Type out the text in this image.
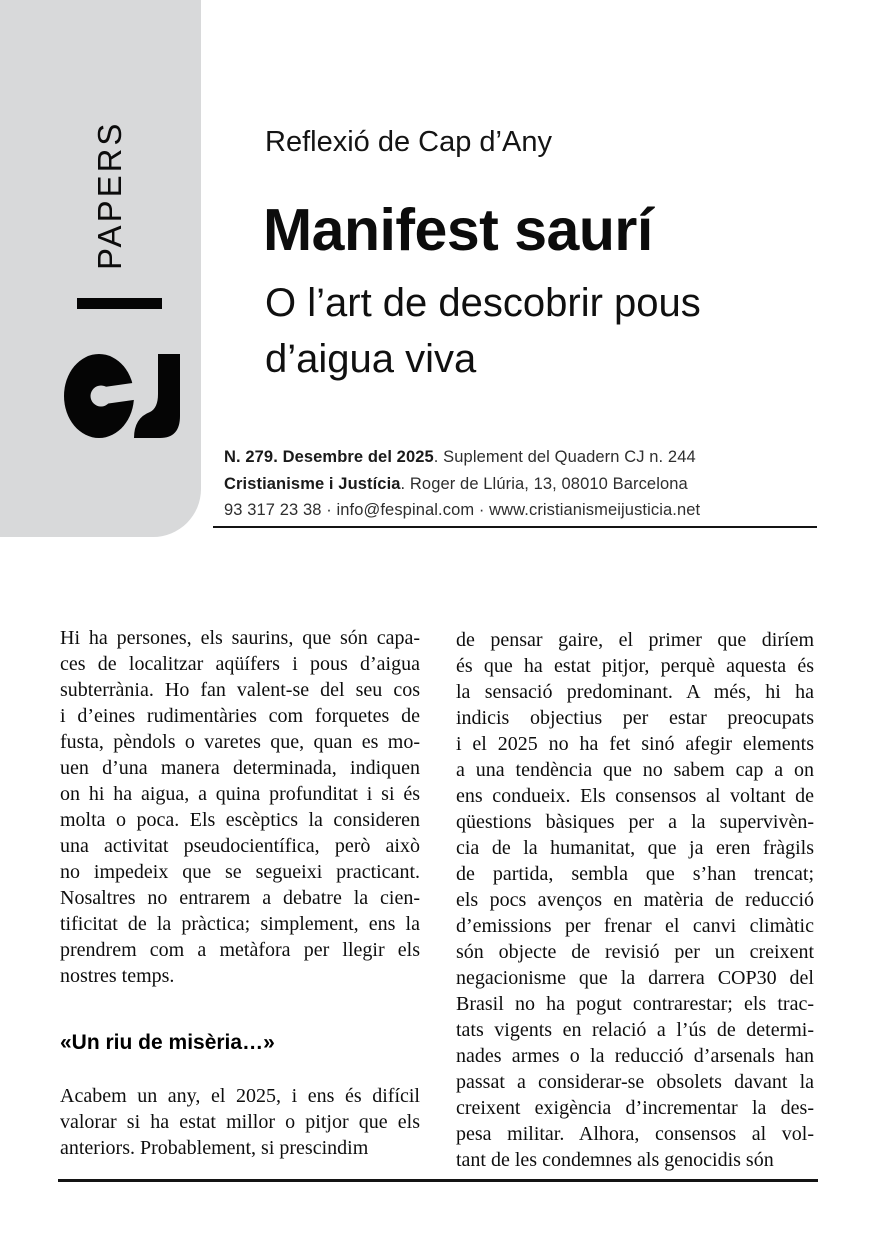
PAPERS	Reflexió de Cap d’Any
Manifest saurí
O l’art de descobrir pous
d’aigua viva
N. 279. Desembre del 2025. Suplement del Quadern CJ n. 244
Cristianisme i Justícia. Roger de Llúria, 13, 08010 Barcelona
93 317 23 38 · info@fespinal.com · www.cristianismeijusticia.net
Hi ha persones, els saurins, que són capa-
ces de localitzar aqüífers i pous d’aigua
subterrània. Ho fan valent-se del seu cos
i d’eines rudimentàries com forquetes de
fusta, pèndols o varetes que, quan es mo-
uen d’una manera determinada, indiquen
on hi ha aigua, a quina profunditat i si és
molta o poca. Els escèptics la consideren
una activitat pseudocientífica, però això
no impedeix que se segueixi practicant.
Nosaltres no entrarem a debatre la cien-
tificitat de la pràctica; simplement, ens la
prendrem com a metàfora per llegir els
nostres temps.
«Un riu de misèria…»
Acabem un any, el 2025, i ens és difícil
valorar si ha estat millor o pitjor que els
anteriors. Probablement, si prescindim
de pensar gaire, el primer que diríem
és que ha estat pitjor, perquè aquesta és
la sensació predominant. A més, hi ha
indicis objectius per estar preocupats
i el 2025 no ha fet sinó afegir elements
a una tendència que no sabem cap a on
ens condueix. Els consensos al voltant de
qüestions bàsiques per a la supervivèn-
cia de la humanitat, que ja eren fràgils
de partida, sembla que s’han trencat;
els pocs avenços en matèria de reducció
d’emissions per frenar el canvi climàtic
són objecte de revisió per un creixent
negacionisme que la darrera COP30 del
Brasil no ha pogut contrarestar; els trac-
tats vigents en relació a l’ús de determi-
nades armes o la reducció d’arsenals han
passat a considerar-se obsolets davant la
creixent exigència d’incrementar la des-
pesa militar. Alhora, consensos al vol-
tant de les condemnes als genocidis són
